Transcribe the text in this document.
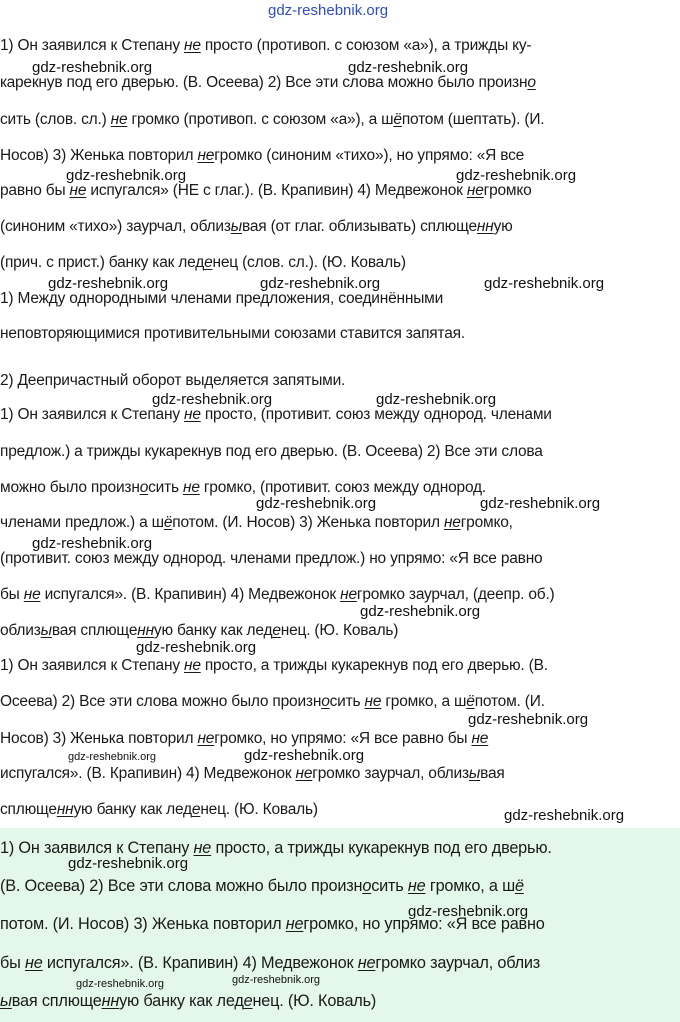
1) Он заявился к Степану не просто (противоп. с союзом «а»), а трижды ку-
кaрекнув под его дверью. (В. Осеева) 2) Все эти слова можно было произно
сить (слов. сл.) не громко (противоп. с союзом «а»), а шёпотом (шептать). (И.
Носов) 3) Женька повторил негромко (синоним «тихо»), но упрямо: «Я все
равно бы не испугался» (НЕ с глаг.). (В. Крапивин) 4) Медвежонок негромко
(синоним «тихо») заурчал, облизывая (от глаг. облизывать) сплющенную
(прич. с прист.) банку как леденец (слов. сл.). (Ю. Коваль)
1) Между однородными членами предложения, соединёнными
неповторяющимися противительными союзами ставится запятая.
2) Деепричастный оборот выделяется запятыми.
1) Он заявился к Степану не просто, (противит. союз между однород. членами
предлож.) а трижды кукарекнув под его дверью. (В. Осеева) 2) Все эти слова
можно было произносить не громко, (противит. союз между однород.
членами предлож.) а шёпотом. (И. Носов) 3) Женька повторил негромко,
(противит. союз между однород. членами предлож.) но упрямо: «Я все равно
бы не испугался». (В. Крапивин) 4) Медвежонок негромко заурчал, (деепр. об.)
облизывая сплющенную банку как леденец. (Ю. Коваль)
1) Он заявился к Степану не просто, а трижды кукарекнув под его дверью. (В.
Осеева) 2) Все эти слова можно было произносить не громко, а шёпотом. (И.
Носов) 3) Женька повторил негромко, но упрямо: «Я все равно бы не
испугался». (В. Крапивин) 4) Медвежонок негромко заурчал, облизывая
сплющенную банку как леденец. (Ю. Коваль)
1) Он заявился к Степану не просто, а трижды кукарекнув под его дверью.
(В. Осеева) 2) Все эти слова можно было произносить не громко, а шё
потом. (И. Носов) 3) Женька повторил негромко, но упрямо: «Я все равно
бы не испугался». (В. Крапивин) 4) Медвежонок негромко заурчал, облиз
ывая сплющенную банку как леденец. (Ю. Коваль)
gdz-reshebnik.org
gdz-reshebnik.org	gdz-reshebnik.org
gdz-reshebnik.org	gdz-reshebnik.org
gdz-reshebnik.org	gdz-reshebnik.org	gdz-reshebnik.org
gdz-reshebnik.org	gdz-reshebnik.org
gdz-reshebnik.org	gdz-reshebnik.org
gdz-reshebnik.org
gdz-reshebnik.org
gdz-reshebnik.org
gdz-reshebnik.org
gdz-reshebnik.org	gdz-reshebnik.org
gdz-reshebnik.org
gdz-reshebnik.org
gdz-reshebnik.org
gdz-reshebnik.org	gdz-reshebnik.org
